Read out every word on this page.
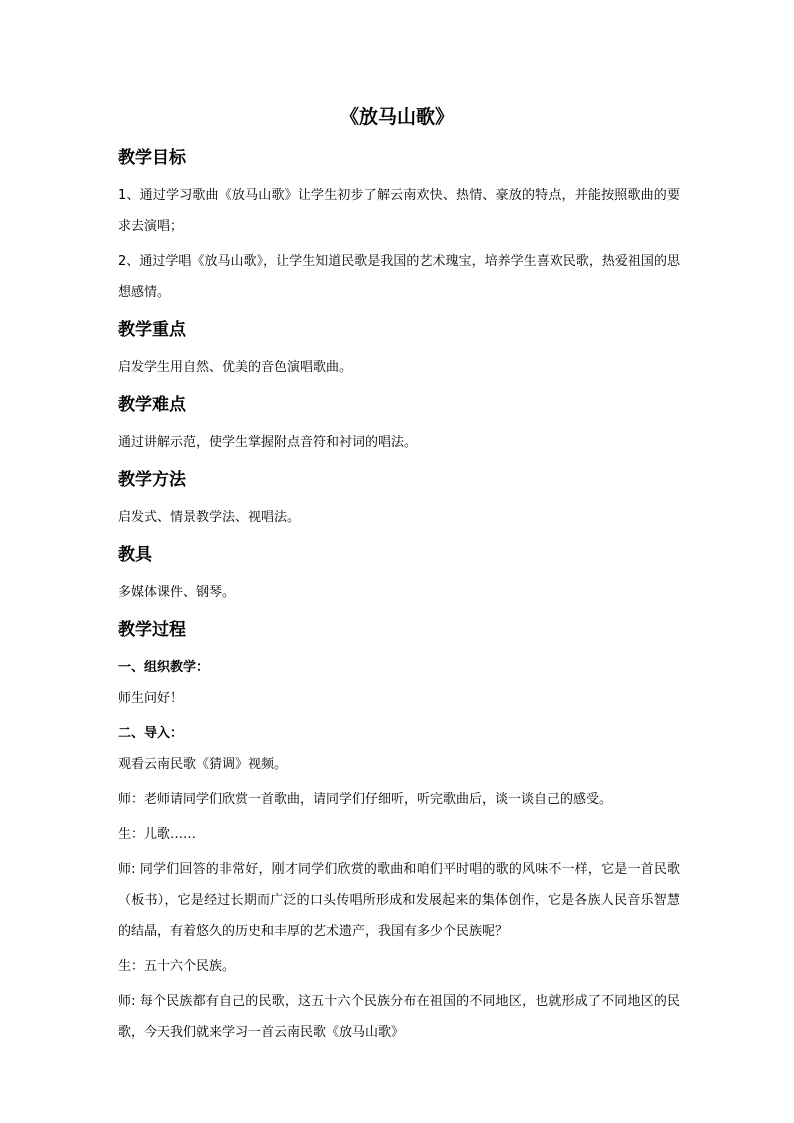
《放马山歌》
教学目标
1、通过学习歌曲《放马山歌》让学生初步了解云南欢快、热情、豪放的特点，并能按照歌曲的要求去演唱；
2、通过学唱《放马山歌》，让学生知道民歌是我国的艺术瑰宝，培养学生喜欢民歌，热爱祖国的思想感情。
教学重点
启发学生用自然、优美的音色演唱歌曲。
教学难点
通过讲解示范，使学生掌握附点音符和衬词的唱法。
教学方法
启发式、情景教学法、视唱法。
教具
多媒体课件、钢琴。
教学过程
一、组织教学：
师生问好！
二、导入：
观看云南民歌《猜调》视频。
师：老师请同学们欣赏一首歌曲，请同学们仔细听，听完歌曲后，谈一谈自己的感受。
生：儿歌……
师: 同学们回答的非常好，刚才同学们欣赏的歌曲和咱们平时唱的歌的风味不一样，它是一首民歌（板书），它是经过长期而广泛的口头传唱所形成和发展起来的集体创作，它是各族人民音乐智慧的结晶，有着悠久的历史和丰厚的艺术遗产，我国有多少个民族呢？
生：五十六个民族。
师: 每个民族都有自己的民歌，这五十六个民族分布在祖国的不同地区，也就形成了不同地区的民歌，今天我们就来学习一首云南民歌《放马山歌》
